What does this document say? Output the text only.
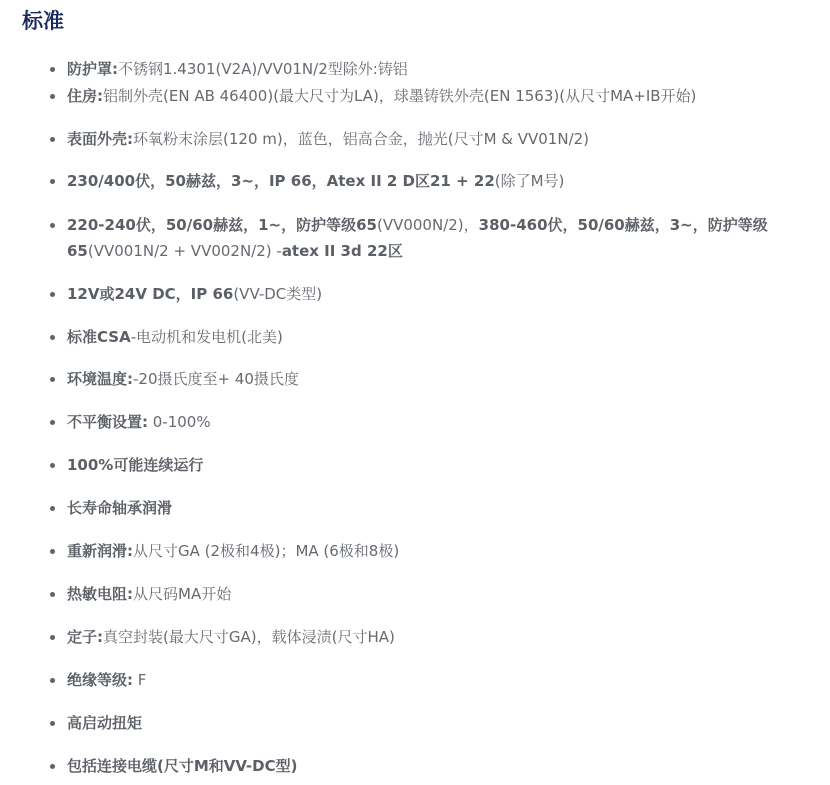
标准
防护罩:不锈钢1.4301(V2A)/VV01N/2型除外:铸铝
住房:铝制外壳(EN AB 46400)(最大尺寸为LA)，球墨铸铁外壳(EN 1563)(从尺寸MA+IB开始)
表面外壳:环氧粉末涂层(120 m)，蓝色，铝高合金，抛光(尺寸M & VV01N/2)
230/400伏，50赫兹，3~，IP 66，Atex II 2 D区21 + 22(除了M号)
220-240伏，50/60赫兹，1~，防护等级65(VV000N/2)，380-460伏，50/60赫兹，3~，防护等级65(VV001N/2 + VV002N/2) -atex II 3d 22区
12V或24V DC，IP 66(VV-DC类型)
标准CSA-电动机和发电机(北美)
环境温度:-20摄氏度至+ 40摄氏度
不平衡设置: 0-100%
100%可能连续运行
长寿命轴承润滑
重新润滑:从尺寸GA (2极和4极)；MA (6极和8极)
热敏电阻:从尺码MA开始
定子:真空封装(最大尺寸GA)，载体浸渍(尺寸HA)
绝缘等级: F
高启动扭矩
包括连接电缆(尺寸M和VV-DC型)
